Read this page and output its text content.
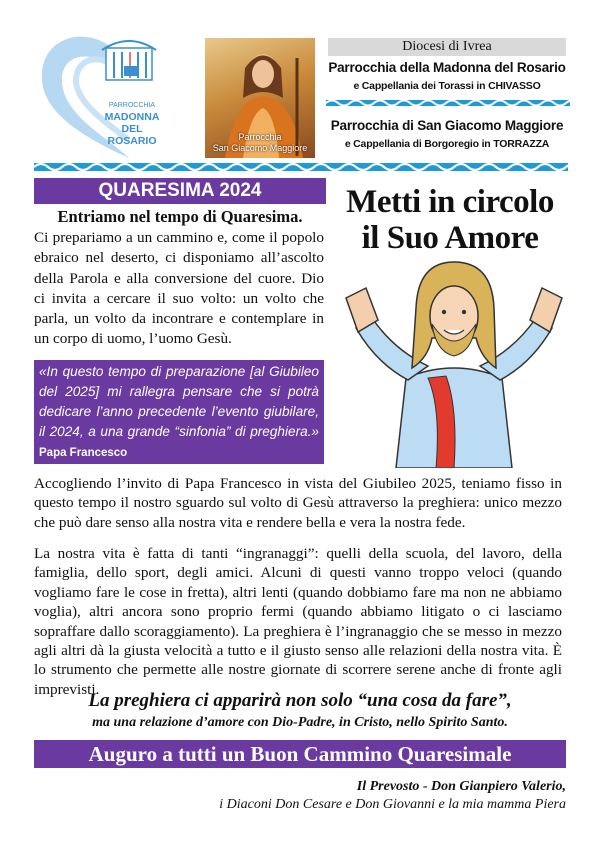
PARROCCHIA
MADONNA
DEL
ROSARIO	Parrocchia
San Giacomo Maggiore
Diocesi di Ivrea
Parrocchia della Madonna del Rosario
e Cappellania dei Torassi in CHIVASSO
Parrocchia di San Giacomo Maggiore
e Cappellania di Borgoregio in TORRAZZA
QUARESIMA 2024
Entriamo nel tempo di Quaresima.
Ci prepariamo a un cammino e, come il popolo ebraico nel deserto, ci disponiamo all’ascolto della Parola e alla conversione del cuore. Dio ci invita a cercare il suo volto: un volto che parla, un volto da incontrare e contemplare in un corpo di uomo, l’uomo Gesù.
«In questo tempo di preparazione [al Giubileo del 2025] mi rallegra pensare che si potrà dedicare l’anno precedente l’evento giubilare, il 2024, a una grande “sinfonia” di preghiera.» Papa Francesco
Metti in circolo
il Suo Amore
Accogliendo l’invito di Papa Francesco in vista del Giubileo 2025, teniamo fisso in questo tempo il nostro sguardo sul volto di Gesù attraverso la preghiera: unico mezzo che può dare senso alla nostra vita e rendere bella e vera la nostra fede.
La nostra vita è fatta di tanti “ingranaggi”: quelli della scuola, del lavoro, della famiglia, dello sport, degli amici. Alcuni di questi vanno troppo veloci (quando vogliamo fare le cose in fretta), altri lenti (quando dobbiamo fare ma non ne abbiamo voglia), altri ancora sono proprio fermi (quando abbiamo litigato o ci lasciamo sopraffare dallo scoraggiamento). La preghiera è l’ingranaggio che se messo in mezzo agli altri dà la giusta velocità a tutto e il giusto senso alle relazioni della nostra vita. È lo strumento che permette alle nostre giornate di scorrere serene anche di fronte agli imprevisti.
La preghiera ci apparirà non solo “una cosa da fare”,
ma una relazione d’amore con Dio-Padre, in Cristo, nello Spirito Santo.
Auguro a tutti un Buon Cammino Quaresimale
Il Prevosto - Don Gianpiero Valerio,
i Diaconi Don Cesare e Don Giovanni e la mia mamma Piera
